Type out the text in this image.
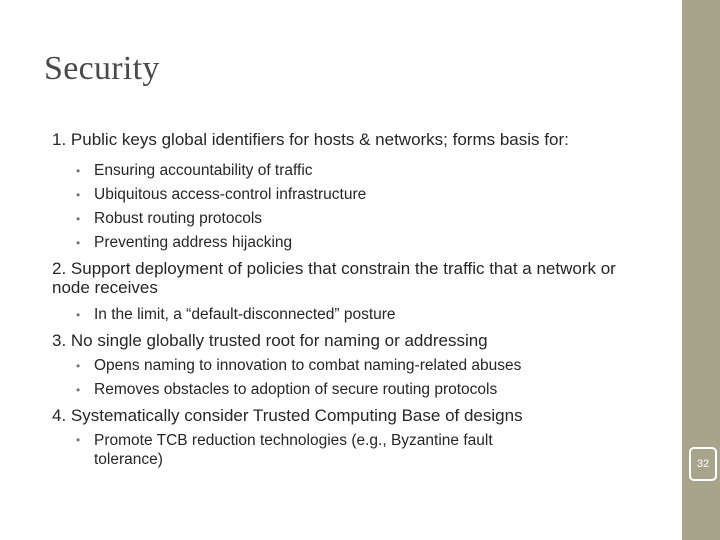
Security

1. Public keys global identifiers for hosts & networks; forms basis for:

• Ensuring accountability of traffic
• Ubiquitous access-control infrastructure
• Robust routing protocols
• Preventing address hijacking

2. Support deployment of policies that constrain the traffic that a network or node receives

• In the limit, a “default-disconnected” posture

3. No single globally trusted root for naming or addressing

• Opens naming to innovation to combat naming-related abuses
• Removes obstacles to adoption of secure routing protocols

4. Systematically consider Trusted Computing Base of designs

• Promote TCB reduction technologies (e.g., Byzantine fault tolerance)	32
